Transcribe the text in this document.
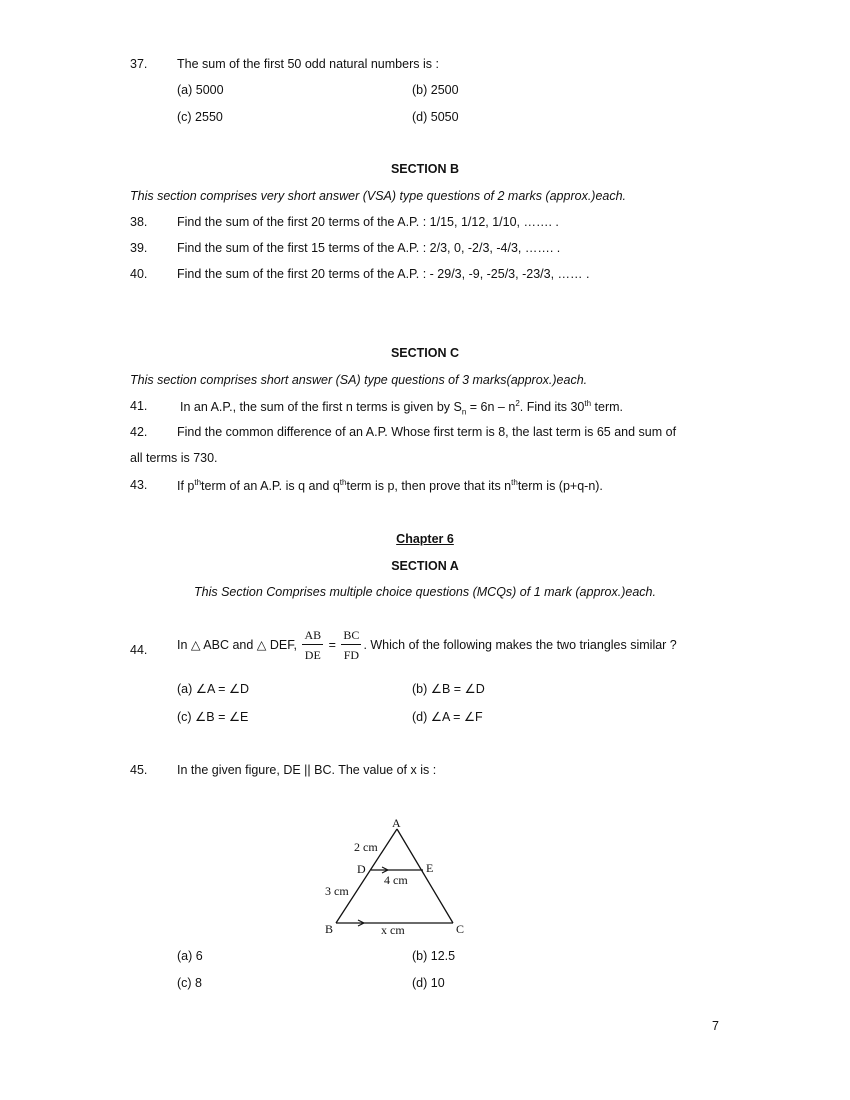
37. The sum of the first 50 odd natural numbers is :
(a) 5000	(b) 2500
(c) 2550	(d) 5050
SECTION B
This section comprises very short answer (VSA) type questions of 2 marks (approx.)each.
38. Find the sum of the first 20 terms of the A.P. : 1/15, 1/12, 1/10, ……. .
39. Find the sum of the first 15 terms of the A.P. : 2/3, 0, -2/3, -4/3, ……. .
40. Find the sum of the first 20 terms of the A.P. : - 29/3, -9, -25/3, -23/3, …… .
SECTION C
This section comprises short answer (SA) type questions of 3 marks(approx.)each.
41.	In an A.P., the sum of the first n terms is given by $S_n = 6n - n^2$. Find its 30th term.
42. Find the common difference of an A.P. Whose first term is 8, the last term is 65 and sum of
all terms is 730.
43. If $p^{th}term$ of an A.P. is q and $q^{th}term$ is p, then prove that its $n^{th}term$ is (p+q-n).
Chapter 6
SECTION A
This Section Comprises multiple choice questions (MCQs) of 1 mark (approx.)each.
44. In △ ABC and △ DEF, $\frac{AB}{DE} = \frac{BC}{FD}$ . Which of the following makes the two triangles similar ?
(a) ∠A = ∠D	(b) ∠B = ∠D
(c) ∠B = ∠E	(d) ∠A = ∠F
45. In the given figure, DE || BC. The value of x is :
A
B	C
D	E
2 cm
3 cm
4 cm
x cm
(a) 6	(b) 12.5
(c) 8	(d) 10
7
